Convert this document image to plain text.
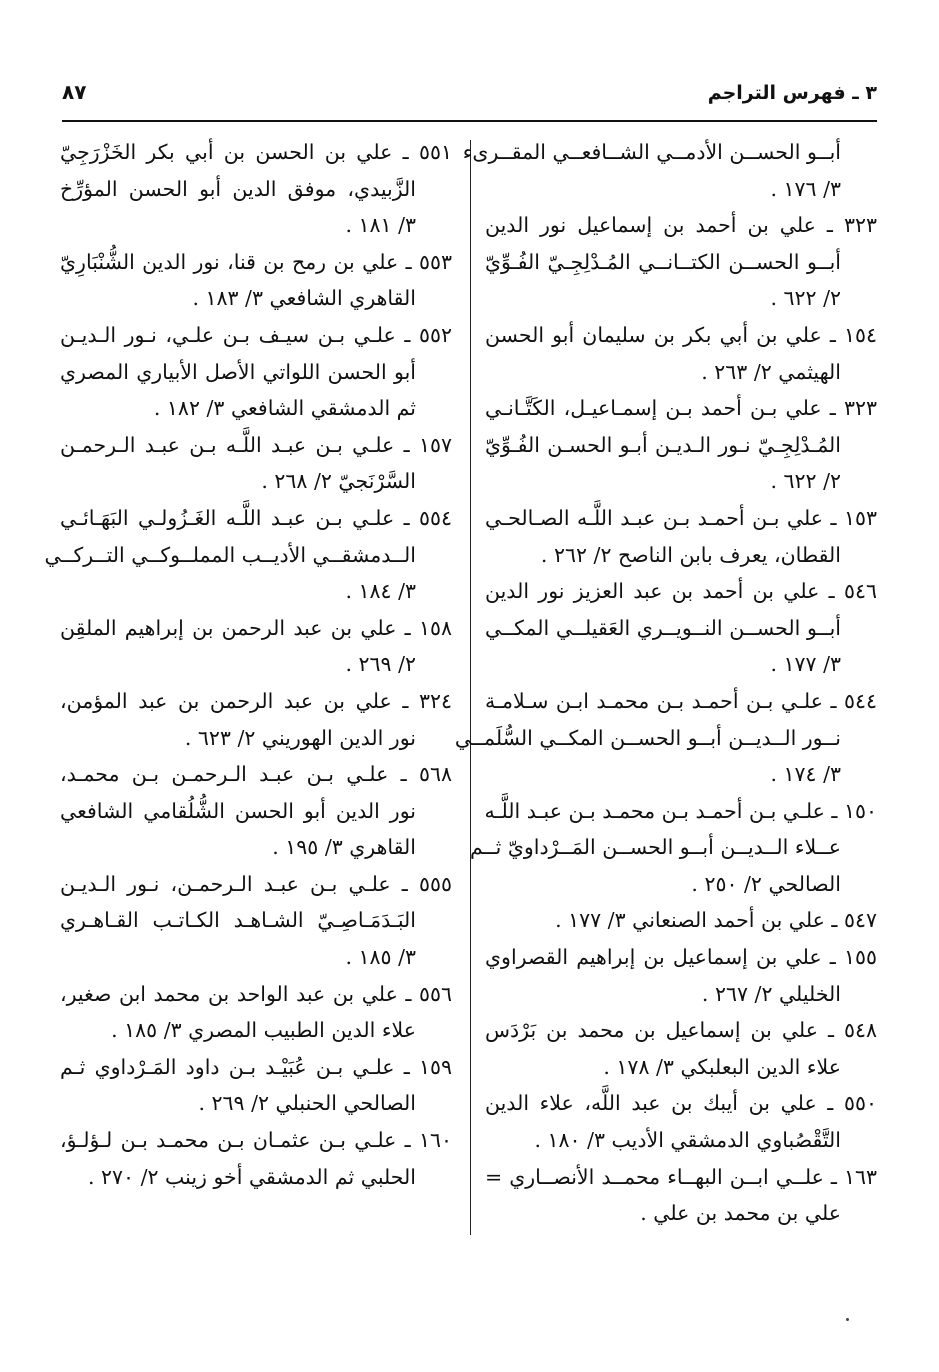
٣ ـ فهرس التراجم
٨٧
أبــو الحســن الأدمــي الشــافعــي المقــرىء
٣/ ١٧٦ .
٣٢٣ ـ علي بن أحمد بن إسماعيل نور الدين
أبــو الحســن الكتــانــي المُـدْلِجِـيّ الفُـوِّيّ
٢/ ٦٢٢ .
١٥٤ ـ علي بن أبي بكر بن سليمان أبو الحسن
الهيثمي ٢/ ٢٦٣ .
٣٢٣ ـ علي بـن أحمد بـن إسمـاعيـل، الكَتَّـانـي
المُـدْلِجِـيّ نـور الـديـن أبـو الحسـن الفُـوِّيّ
٢/ ٦٢٢ .
١٥٣ ـ علي بـن أحمـد بـن عبـد اللَّـه الصـالحـي
القطان، يعرف بابن الناصح ٢/ ٢٦٢ .
٥٤٦ ـ علي بن أحمد بن عبد العزيز نور الدين
أبــو الحســن النــويــري العَقيلــي المكــي
٣/ ١٧٧ .
٥٤٤ ـ علـي بـن أحمـد بـن محمـد ابـن سـلامـة
نــور الــديــن أبــو الحســن المكــي السُّلَمــي
٣/ ١٧٤ .
١٥٠ ـ علـي بـن أحمـد بـن محمـد بـن عبـد اللَّـه
عــلاء الــديــن أبــو الحســن المَــرْداويّ ثــم
الصالحي ٢/ ٢٥٠ .
٥٤٧ ـ علي بن أحمد الصنعاني ٣/ ١٧٧ .
١٥٥ ـ علي بن إسماعيل بن إبراهيم القصراوي
الخليلي ٢/ ٢٦٧ .
٥٤٨ ـ علي بن إسماعيل بن محمد بن بَرْدَس
علاء الدين البعلبكي ٣/ ١٧٨ .
٥٥٠ ـ علي بن أيبك بن عبد اللَّه، علاء الدين
التَّقْصُباوي الدمشقي الأديب ٣/ ١٨٠ .
١٦٣ ـ علــي ابــن البهــاء محمــد الأنصــاري =
علي بن محمد بن علي .
٥٥١ ـ علي بن الحسن بن أبي بكر الخَزْرَجِيّ
الزَّبيدي، موفق الدين أبو الحسن المؤرِّخ
٣/ ١٨١ .
٥٥٣ ـ علي بن رمح بن قنا، نور الدين الشُّنْبَارِيّ
القاهري الشافعي ٣/ ١٨٣ .
٥٥٢ ـ علـي بـن سيـف بـن علـي، نـور الـديـن
أبو الحسن اللواتي الأصل الأبياري المصري
ثم الدمشقي الشافعي ٣/ ١٨٢ .
١٥٧ ـ علـي بـن عبـد اللَّـه بـن عبـد الـرحمـن
السَّرْنَجيّ ٢/ ٢٦٨ .
٥٥٤ ـ علـي بـن عبـد اللَّـه الغَـزُولـي البَهَـائـي
الــدمشقــي الأديــب المملــوكــي التــركــي
٣/ ١٨٤ .
١٥٨ ـ علي بن عبد الرحمن بن إبراهيم الملقِن
٢/ ٢٦٩ .
٣٢٤ ـ علي بن عبد الرحمن بن عبد المؤمن،
نور الدين الهوريني ٢/ ٦٢٣ .
٥٦٨ ـ علـي بـن عبـد الـرحمـن بـن محمـد،
نور الدين أبو الحسن الشُّلُقامي الشافعي
القاهري ٣/ ١٩٥ .
٥٥٥ ـ علـي بـن عبـد الـرحمـن، نـور الـديـن
البَـدَمَـاصِـيّ الشـاهـد الكـاتـب القـاهـري
٣/ ١٨٥ .
٥٥٦ ـ علي بن عبد الواحد بن محمد ابن صغير،
علاء الدين الطبيب المصري ٣/ ١٨٥ .
١٥٩ ـ علـي بـن عُبَيْـد بـن داود المَـرْداوي ثـم
الصالحي الحنبلي ٢/ ٢٦٩ .
١٦٠ ـ علـي بـن عثمـان بـن محمـد بـن لـؤلـؤ،
الحلبي ثم الدمشقي أخو زينب ٢/ ٢٧٠ .
